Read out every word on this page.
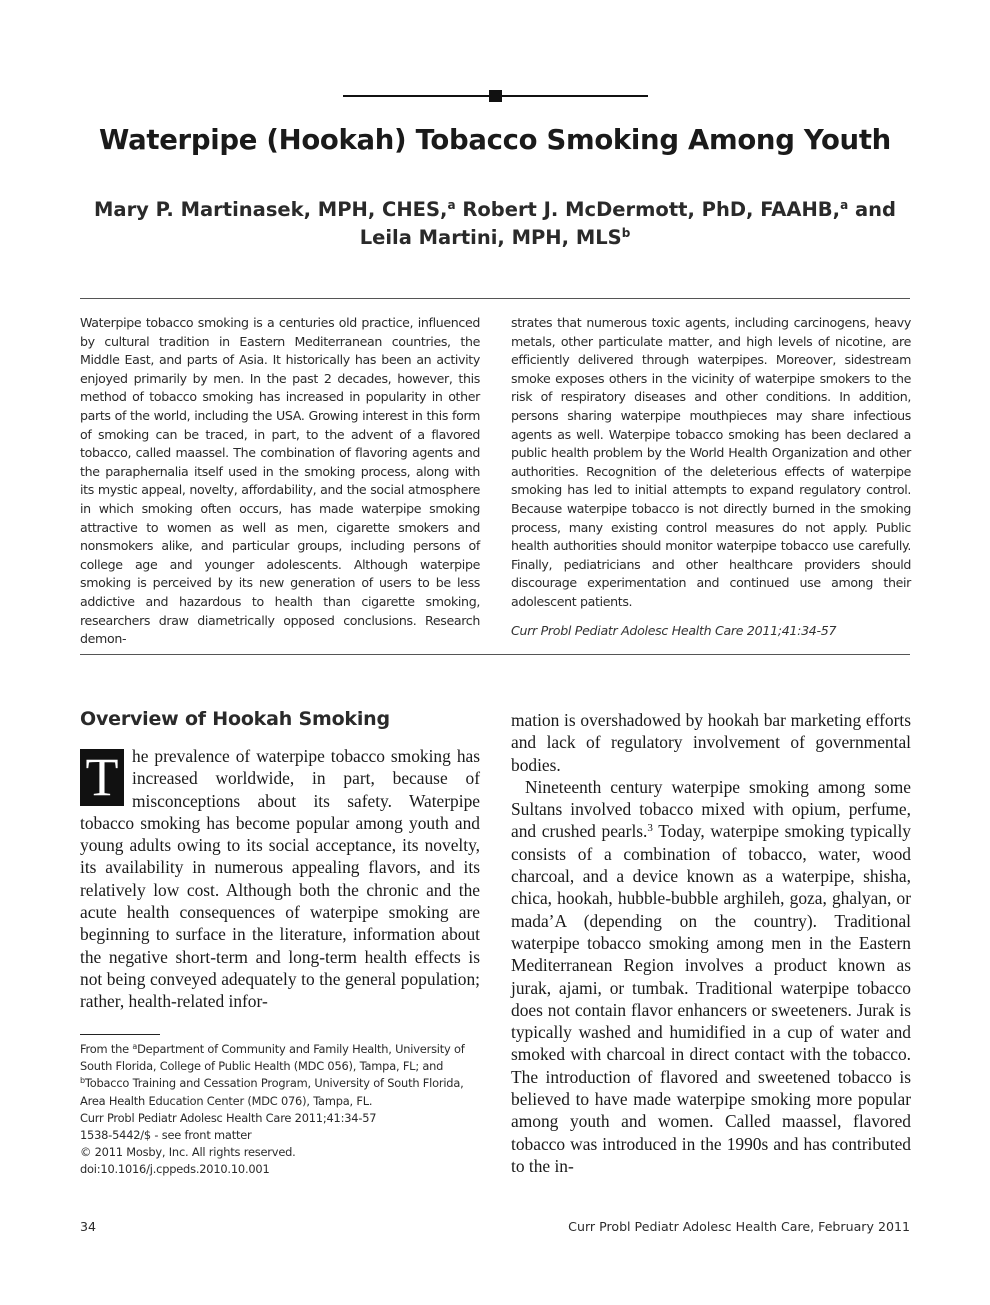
Waterpipe (Hookah) Tobacco Smoking Among Youth

Mary P. Martinasek, MPH, CHES,$^a$ Robert J. McDermott, PhD, FAAHB,$^a$ and
Leila Martini, MPH, MLS$^b$

Waterpipe tobacco smoking is a centuries old practice, influenced by cultural tradition in Eastern Mediterranean countries, the Middle East, and parts of Asia. It historically has been an activity enjoyed primarily by men. In the past 2 decades, however, this method of tobacco smoking has increased in popularity in other parts of the world, including the USA. Growing interest in this form of smoking can be traced, in part, to the advent of a flavored tobacco, called maassel. The combination of flavoring agents and the paraphernalia itself used in the smoking process, along with its mystic appeal, novelty, affordability, and the social atmosphere in which smoking often occurs, has made waterpipe smoking attractive to women as well as men, cigarette smokers and nonsmokers alike, and particular groups, including persons of college age and younger adolescents. Although waterpipe smoking is perceived by its new generation of users to be less addictive and hazardous to health than cigarette smoking, researchers draw diametrically opposed conclusions. Research demon-

strates that numerous toxic agents, including carcinogens, heavy metals, other particulate matter, and high levels of nicotine, are efficiently delivered through waterpipes. Moreover, sidestream smoke exposes others in the vicinity of waterpipe smokers to the risk of respiratory diseases and other conditions. In addition, persons sharing waterpipe mouthpieces may share infectious agents as well. Waterpipe tobacco smoking has been declared a public health problem by the World Health Organization and other authorities. Recognition of the deleterious effects of waterpipe smoking has led to initial attempts to expand regulatory control. Because waterpipe tobacco is not directly burned in the smoking process, many existing control measures do not apply. Public health authorities should monitor waterpipe tobacco use carefully. Finally, pediatricians and other healthcare providers should discourage experimentation and continued use among their adolescent patients.

Curr Probl Pediatr Adolesc Health Care 2011;41:34-57

Overview of Hookah Smoking
T he prevalence of waterpipe tobacco smoking has increased worldwide, in part, because of misconceptions about its safety. Waterpipe tobacco smoking has become popular among youth and young adults owing to its social acceptance, its novelty, its availability in numerous appealing flavors, and its relatively low cost. Although both the chronic and the acute health consequences of waterpipe smoking are beginning to surface in the literature, information about the negative short-term and long-term health effects is not being conveyed adequately to the general population; rather, health-related infor-

mation is overshadowed by hookah bar marketing efforts and lack of regulatory involvement of governmental bodies.

Nineteenth century waterpipe smoking among some Sultans involved tobacco mixed with opium, perfume, and crushed pearls.$^3$ Today, waterpipe smoking typically consists of a combination of tobacco, water, wood charcoal, and a device known as a waterpipe, shisha, chica, hookah, hubble-bubble arghileh, goza, ghalyan, or mada’A (depending on the country). Traditional waterpipe tobacco smoking among men in the Eastern Mediterranean Region involves a product known as jurak, ajami, or tumbak. Traditional waterpipe tobacco does not contain flavor enhancers or sweeteners. Jurak is typically washed and humidified in a cup of water and smoked with charcoal in direct contact with the tobacco. The introduction of flavored and sweetened tobacco is believed to have made waterpipe smoking more popular among youth and women. Called maassel, flavored tobacco was introduced in the 1990s and has contributed to the in-

From the $^a$Department of Community and Family Health, University of South Florida, College of Public Health (MDC 056), Tampa, FL; and $^b$Tobacco Training and Cessation Program, University of South Florida, Area Health Education Center (MDC 076), Tampa, FL.
Curr Probl Pediatr Adolesc Health Care 2011;41:34-57
1538-5442/$ - see front matter
© 2011 Mosby, Inc. All rights reserved.
doi:10.1016/j.cppeds.2010.10.001

34	Curr Probl Pediatr Adolesc Health Care, February 2011
